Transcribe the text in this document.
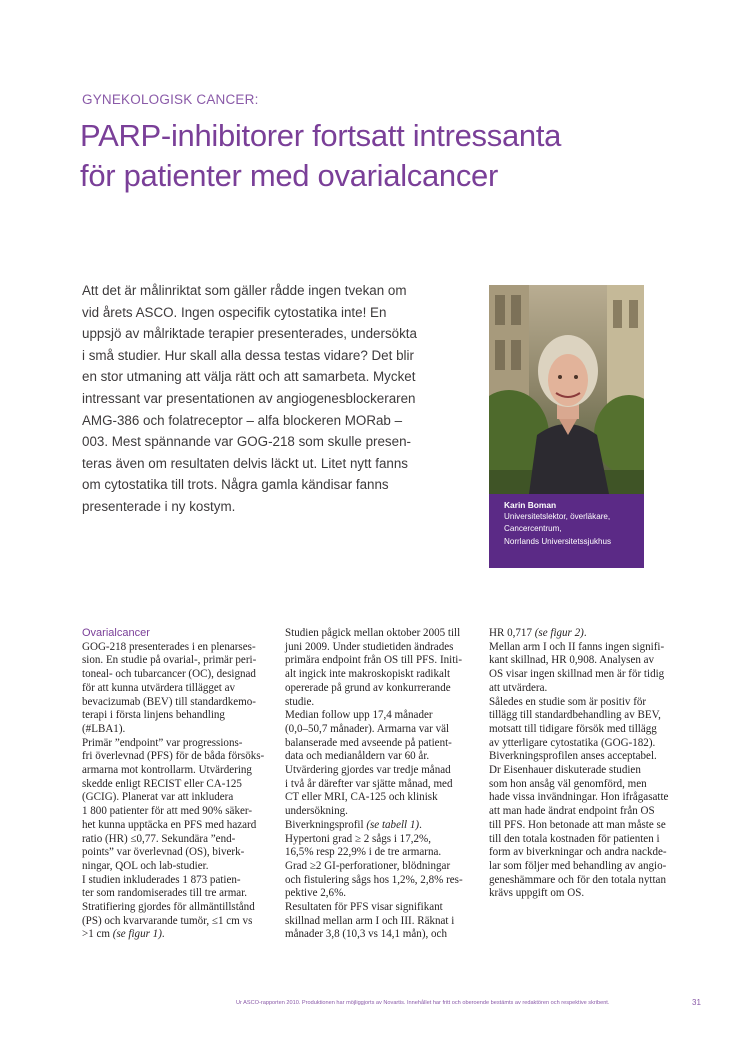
GYNEKOLOGISK CANCER:
PARP-inhibitorer fortsatt intressanta
för patienter med ovarialcancer
Att det är målinriktat som gäller rådde ingen tvekan om
vid årets ASCO. Ingen ospecifik cytostatika inte! En
uppsjö av målriktade terapier presenterades, undersökta
i små studier. Hur skall alla dessa testas vidare? Det blir
en stor utmaning att välja rätt och att samarbeta. Mycket
intressant var presentationen av angiogenesblockeraren
AMG-386 och folatreceptor – alfa blockeren MORab –
003. Mest spännande var GOG-218 som skulle presen-
teras även om resultaten delvis läckt ut. Litet nytt fanns
om cytostatika till trots. Några gamla kändisar fanns
presenterade i ny kostym.	Karin Boman
Universitetslektor, överläkare,
Cancercentrum,
Norrlands Universitetssjukhus
Ovarialcancer
GOG-218 presenterades i en plenarses-
sion. En studie på ovarial-, primär peri-
toneal- och tubarcancer (OC), designad
för att kunna utvärdera tillägget av
bevacizumab (BEV) till standardkemo-
terapi i första linjens behandling
(#LBA1).
Primär ”endpoint” var progressions-
fri överlevnad (PFS) för de båda försöks-
armarna mot kontrollarm. Utvärdering
skedde enligt RECIST eller CA-125
(GCIG). Planerat var att inkludera
1 800 patienter för att med 90% säker-
het kunna upptäcka en PFS med hazard
ratio (HR) ≤0,77. Sekundära ”end-
points” var överlevnad (OS), biverk-
ningar, QOL och lab-studier.
I studien inkluderades 1 873 patien-
ter som randomiserades till tre armar.
Stratifiering gjordes för allmäntillstånd
(PS) och kvarvarande tumör, ≤1 cm vs
>1 cm (se figur 1).
Studien pågick mellan oktober 2005 till
juni 2009. Under studietiden ändrades
primära endpoint från OS till PFS. Initi-
alt ingick inte makroskopiskt radikalt
opererade på grund av konkurrerande
studie.
Median follow upp 17,4 månader
(0,0–50,7 månader). Armarna var väl
balanserade med avseende på patient-
data och medianåldern var 60 år.
Utvärdering gjordes var tredje månad
i två år därefter var sjätte månad, med
CT eller MRI, CA-125 och klinisk
undersökning.
Biverkningsprofil (se tabell 1).
Hypertoni grad ≥ 2 sågs i 17,2%,
16,5% resp 22,9% i de tre armarna.
Grad ≥2 GI-perforationer, blödningar
och fistulering sågs hos 1,2%, 2,8% res-
pektive 2,6%.
Resultaten för PFS visar signifikant
skillnad mellan arm I och III. Räknat i
månader 3,8 (10,3 vs 14,1 mån), och
HR 0,717 (se figur 2).
Mellan arm I och II fanns ingen signifi-
kant skillnad, HR 0,908. Analysen av
OS visar ingen skillnad men är för tidig
att utvärdera.
Således en studie som är positiv för
tillägg till standardbehandling av BEV,
motsatt till tidigare försök med tillägg
av ytterligare cytostatika (GOG-182).
Biverkningsprofilen anses acceptabel.
Dr Eisenhauer diskuterade studien
som hon ansåg väl genomförd, men
hade vissa invändningar. Hon ifrågasatte
att man hade ändrat endpoint från OS
till PFS. Hon betonade att man måste se
till den totala kostnaden för patienten i
form av biverkningar och andra nackde-
lar som följer med behandling av angio-
geneshämmare och för den totala nyttan
krävs uppgift om OS.
Ur ASCO-rapporten 2010. Produktionen har möjliggjorts av Novartis. Innehållet har fritt och oberoende bestämts av redaktören och respektive skribent.	31
